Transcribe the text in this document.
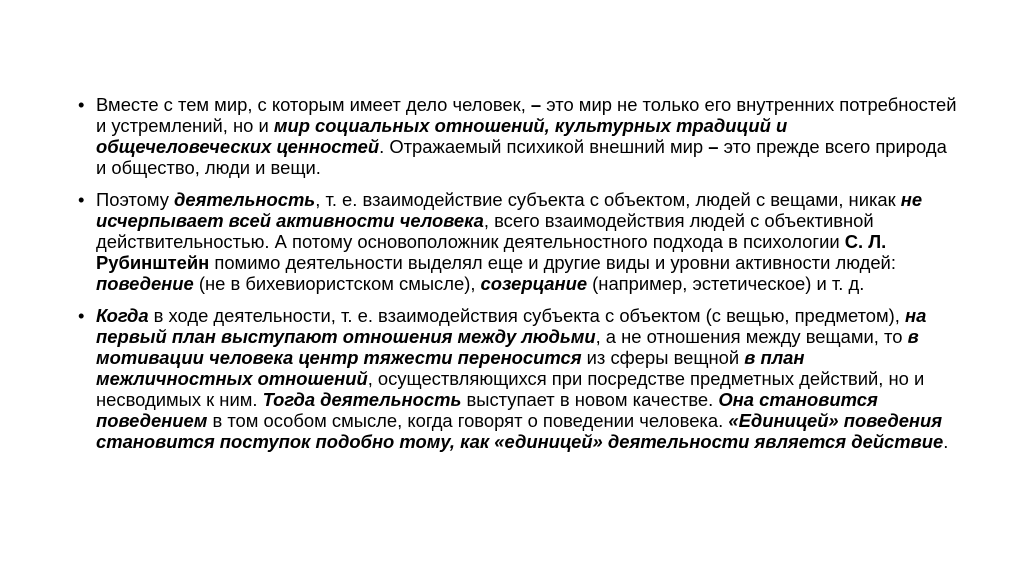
• Вместе с тем мир, с которым имеет дело человек, – это мир не только его внутренних потребностей и устремлений, но и мир социальных отношений, культурных традиций и общечеловеческих ценностей. Отражаемый психикой внешний мир – это прежде всего природа и общество, люди и вещи.
• Поэтому деятельность, т. е. взаимодействие субъекта с объектом, людей с вещами, никак не исчерпывает всей активности человека, всего взаимодействия людей с объективной действительностью. А потому основоположник деятельностного подхода в психологии С. Л. Рубинштейн помимо деятельности выделял еще и другие виды и уровни активности людей: поведение (не в бихевиористском смысле), созерцание (например, эстетическое) и т. д.
• Когда в ходе деятельности, т. е. взаимодействия субъекта с объектом (с вещью, предметом), на первый план выступают отношения между людьми, а не отношения между вещами, то в мотивации человека центр тяжести переносится из сферы вещной в план межличностных отношений, осуществляющихся при посредстве предметных действий, но и несводимых к ним. Тогда деятельность выступает в новом качестве. Она становится поведением в том особом смысле, когда говорят о поведении человека. «Единицей» поведения становится поступок подобно тому, как «единицей» деятельности является действие.
